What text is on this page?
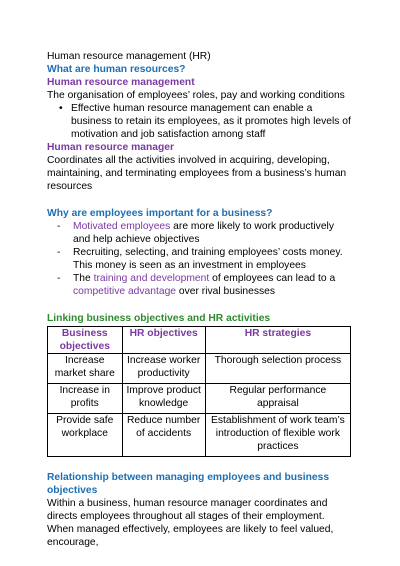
Human resource management (HR)

What are human resources?
Human resource management

The organisation of employees’ roles, pay and working conditions

• Effective human resource management can enable a business to retain its employees, as it promotes high levels of motivation and job satisfaction among staff
Human resource manager

Coordinates all the activities involved in acquiring, developing, maintaining, and terminating employees from a business’s human resources

Why are employees important for a business?
- Motivated employees are more likely to work productively and help achieve objectives
- Recruiting, selecting, and training employees’ costs money. This money is seen as an investment in employees
- The training and development of employees can lead to a competitive advantage over rival businesses
Linking business objectives and HR activities
Business objectives	HR objectives	HR strategies
Increase market share	Increase worker productivity	Thorough selection process
Increase in profits	Improve product knowledge	Regular performance appraisal
Provide safe workplace	Reduce number of accidents	Establishment of work team’s introduction of flexible work practices
Relationship between managing employees and business objectives

Within a business, human resource manager coordinates and directs employees throughout all stages of their employment. When managed effectively, employees are likely to feel valued, encourage,
